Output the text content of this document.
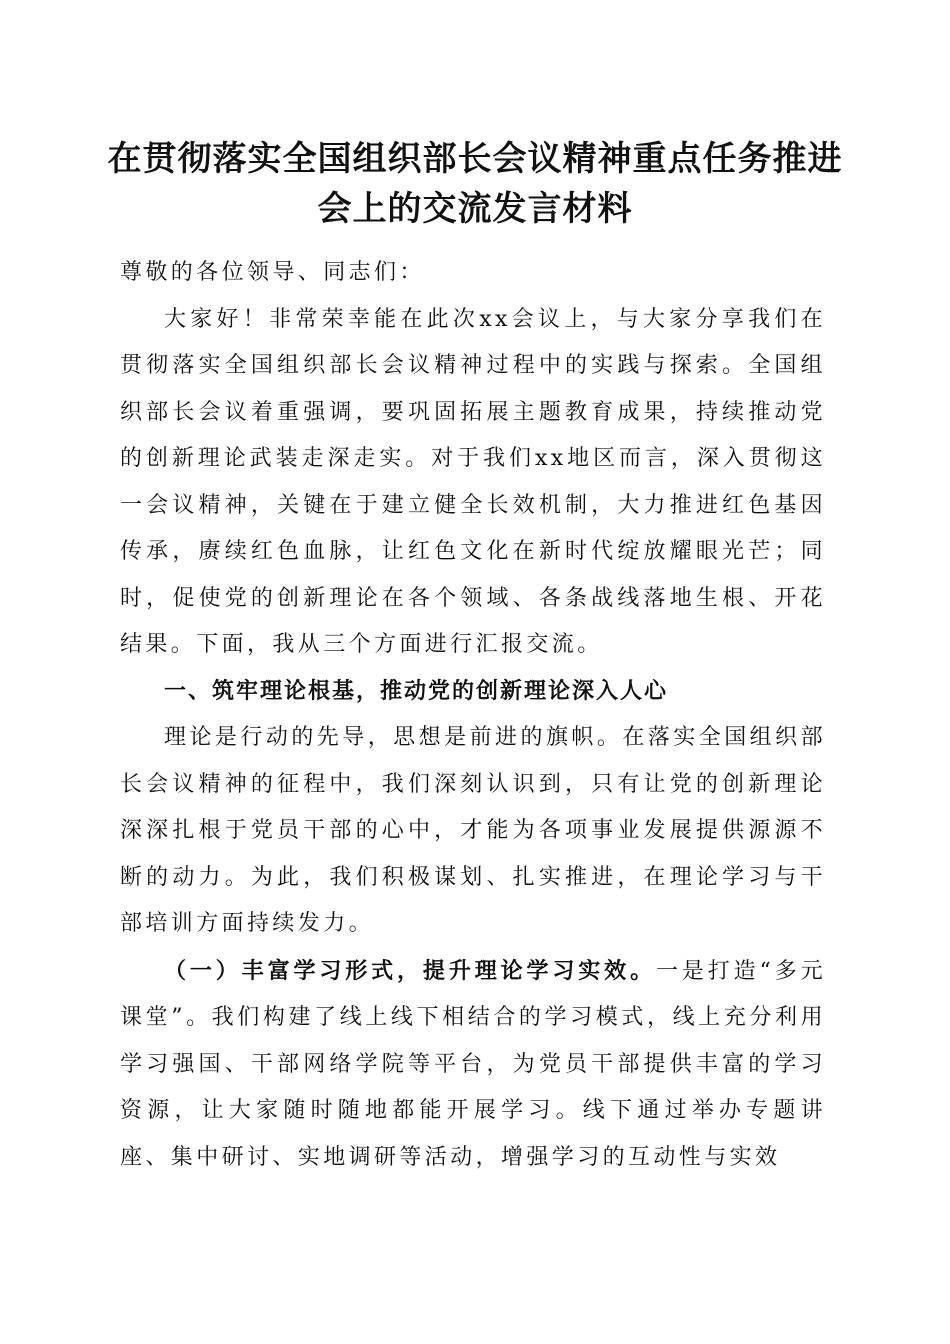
在贯彻落实全国组织部长会议精神重点任务推进会上的交流发言材料

尊敬的各位领导、同志们：

大家好！非常荣幸能在此次xx会议上，与大家分享我们在贯彻落实全国组织部长会议精神过程中的实践与探索。全国组织部长会议着重强调，要巩固拓展主题教育成果，持续推动党的创新理论武装走深走实。对于我们xx地区而言，深入贯彻这一会议精神，关键在于建立健全长效机制，大力推进红色基因传承，赓续红色血脉，让红色文化在新时代绽放耀眼光芒；同时，促使党的创新理论在各个领域、各条战线落地生根、开花结果。下面，我从三个方面进行汇报交流。

一、筑牢理论根基，推动党的创新理论深入人心

理论是行动的先导，思想是前进的旗帜。在落实全国组织部长会议精神的征程中，我们深刻认识到，只有让党的创新理论深深扎根于党员干部的心中，才能为各项事业发展提供源源不断的动力。为此，我们积极谋划、扎实推进，在理论学习与干部培训方面持续发力。

（一）丰富学习形式，提升理论学习实效。一是打造“多元课堂”。我们构建了线上线下相结合的学习模式，线上充分利用学习强国、干部网络学院等平台，为党员干部提供丰富的学习资源，让大家随时随地都能开展学习。线下通过举办专题讲座、集中研讨、实地调研等活动，增强学习的互动性与实效
